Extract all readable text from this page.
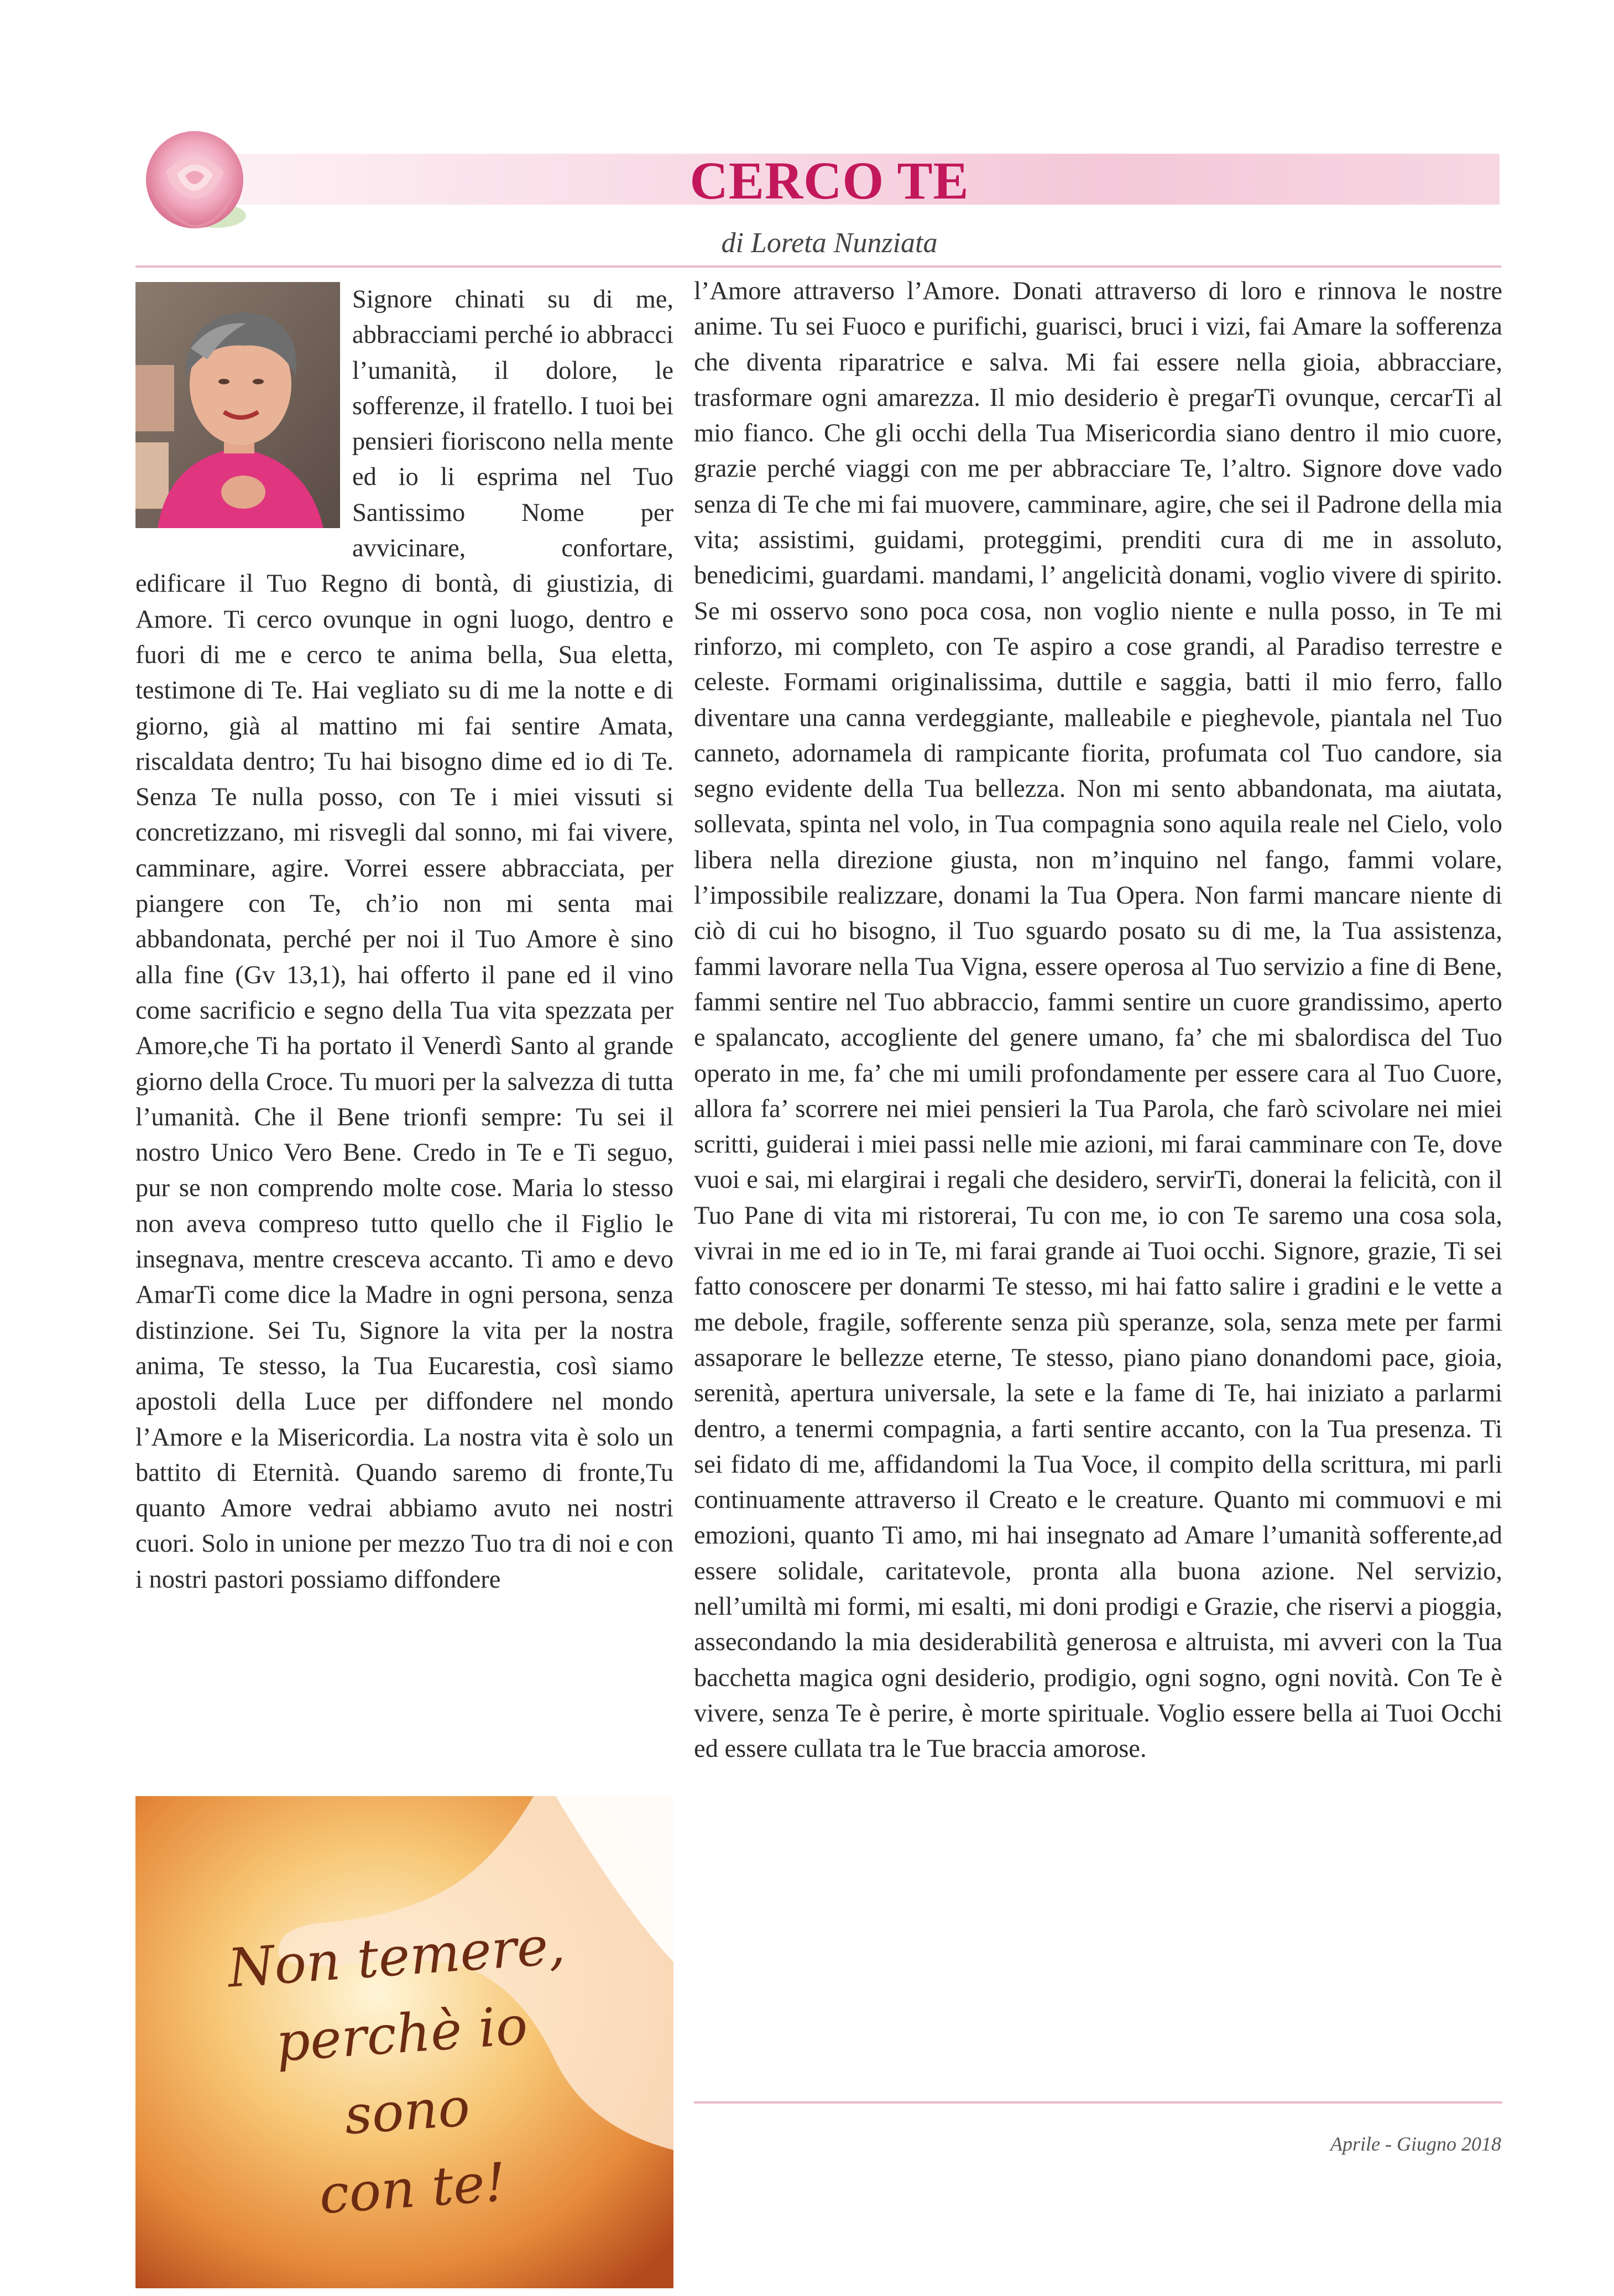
CERCO TE
di Loreta Nunziata

Signore chinati su di me, abbracciami perché io abbracci l’umanità, il dolore, le sofferenze, il fratello. I tuoi bei pensieri fioriscono nella mente ed io li esprima nel Tuo Santissimo Nome per avvicinare, confortare, edificare il Tuo Regno di bontà, di giustizia, di Amore. Ti cerco ovunque in ogni luogo, dentro e fuori di me e cerco te anima bella, Sua eletta, testimone di Te. Hai vegliato su di me la notte e di giorno, già al mattino mi fai sentire Amata, riscaldata dentro; Tu hai bisogno dime ed io di Te. Senza Te nulla posso, con Te i miei vissuti si concretizzano, mi risvegli dal sonno, mi fai vivere, camminare, agire. Vorrei essere abbracciata, per piangere con Te, ch’io non mi senta mai abbandonata, perché per noi il Tuo Amore è sino alla fine (Gv 13,1), hai offerto il pane ed il vino come sacrificio e segno della Tua vita spezzata per Amore,che Ti ha portato il Venerdì Santo al grande giorno della Croce. Tu muori per la salvezza di tutta l’umanità. Che il Bene trionfi sempre: Tu sei il nostro Unico Vero Bene. Credo in Te e Ti seguo, pur se non comprendo molte cose. Maria lo stesso non aveva compreso tutto quello che il Figlio le insegnava, mentre cresceva accanto. Ti amo e devo AmarTi come dice la Madre in ogni persona, senza distinzione. Sei Tu, Signore la vita per la nostra anima, Te stesso, la Tua Eucarestia, così siamo apostoli della Luce per diffondere nel mondo l’Amore e la Misericordia. La nostra vita è solo un battito di Eternità. Quando saremo di fronte,Tu quanto Amore vedrai abbiamo avuto nei nostri cuori. Solo in unione per mezzo Tuo tra di noi e con i nostri pastori possiamo diffondere

Non temere,
perchè io
sono
con te!

l’Amore attraverso l’Amore. Donati attraverso di loro e rinnova le nostre anime. Tu sei Fuoco e purifichi, guarisci, bruci i vizi, fai Amare la sofferenza che diventa riparatrice e salva. Mi fai essere nella gioia, abbracciare, trasformare ogni amarezza. Il mio desiderio è pregarTi ovunque, cercarTi al mio fianco. Che gli occhi della Tua Misericordia siano dentro il mio cuore, grazie perché viaggi con me per abbracciare Te, l’altro. Signore dove vado senza di Te che mi fai muovere, camminare, agire, che sei il Padrone della mia vita; assistimi, guidami, proteggimi, prenditi cura di me in assoluto, benedicimi, guardami. mandami, l’ angelicità donami, voglio vivere di spirito. Se mi osservo sono poca cosa, non voglio niente e nulla posso, in Te mi rinforzo, mi completo, con Te aspiro a cose grandi, al Paradiso terrestre e celeste. Formami originalissima, duttile e saggia, batti il mio ferro, fallo diventare una canna verdeggiante, malleabile e pieghevole, piantala nel Tuo canneto, adornamela di rampicante fiorita, profumata col Tuo candore, sia segno evidente della Tua bellezza. Non mi sento abbandonata, ma aiutata, sollevata, spinta nel volo, in Tua compagnia sono aquila reale nel Cielo, volo libera nella direzione giusta, non m’inquino nel fango, fammi volare, l’impossibile realizzare, donami la Tua Opera. Non farmi mancare niente di ciò di cui ho bisogno, il Tuo sguardo posato su di me, la Tua assistenza, fammi lavorare nella Tua Vigna, essere operosa al Tuo servizio a fine di Bene, fammi sentire nel Tuo abbraccio, fammi sentire un cuore grandissimo, aperto e spalancato, accogliente del genere umano, fa’ che mi sbalordisca del Tuo operato in me, fa’ che mi umili profondamente per essere cara al Tuo Cuore, allora fa’ scorrere nei miei pensieri la Tua Parola, che farò scivolare nei miei scritti, guiderai i miei passi nelle mie azioni, mi farai camminare con Te, dove vuoi e sai, mi elargirai i regali che desidero, servirTi, donerai la felicità, con il Tuo Pane di vita mi ristorerai, Tu con me, io con Te saremo una cosa sola, vivrai in me ed io in Te, mi farai grande ai Tuoi occhi. Signore, grazie, Ti sei fatto conoscere per donarmi Te stesso, mi hai fatto salire i gradini e le vette a me debole, fragile, sofferente senza più speranze, sola, senza mete per farmi assaporare le bellezze eterne, Te stesso, piano piano donandomi pace, gioia, serenità, apertura universale, la sete e la fame di Te, hai iniziato a parlarmi dentro, a tenermi compagnia, a farti sentire accanto, con la Tua presenza. Ti sei fidato di me, affidandomi la Tua Voce, il compito della scrittura, mi parli continuamente attraverso il Creato e le creature. Quanto mi commuovi e mi emozioni, quanto Ti amo, mi hai insegnato ad Amare l’umanità sofferente,ad essere solidale, caritatevole, pronta alla buona azione. Nel servizio, nell’umiltà mi formi, mi esalti, mi doni prodigi e Grazie, che riservi a pioggia, assecondando la mia desiderabilità generosa e altruista, mi avveri con la Tua bacchetta magica ogni desiderio, prodigio, ogni sogno, ogni novità. Con Te è vivere, senza Te è perire, è morte spirituale. Voglio essere bella ai Tuoi Occhi ed essere cullata tra le Tue braccia amorose.

Aprile - Giugno 2018
